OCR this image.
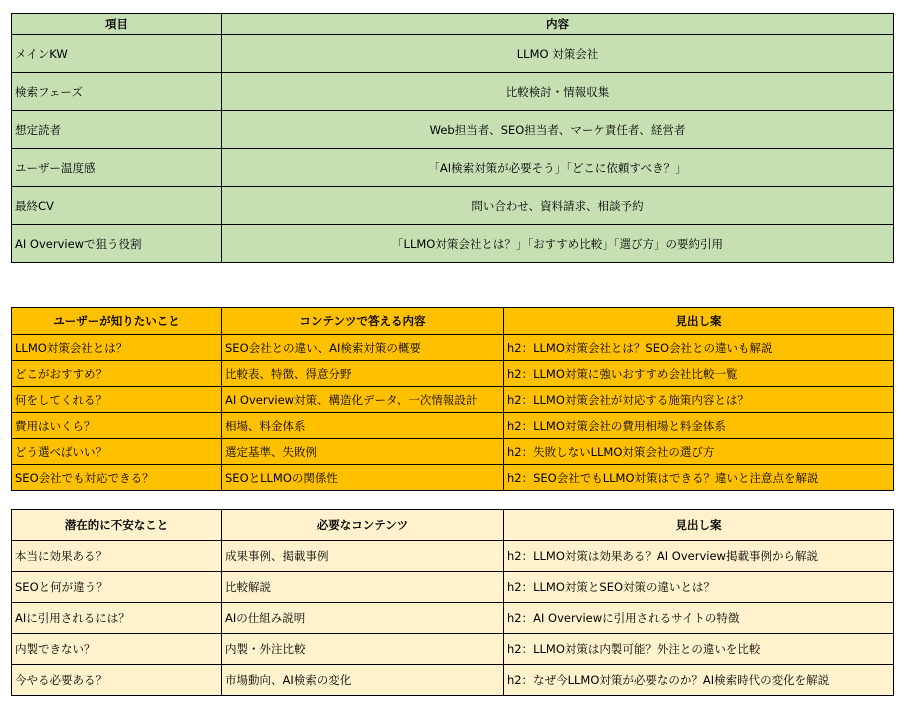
項目	内容
メインKW	LLMO 対策会社
検索フェーズ	比較検討・情報収集
想定読者	Web担当者、SEO担当者、マーケ責任者、経営者
ユーザー温度感	「AI検索対策が必要そう」「どこに依頼すべき？」
最終CV	問い合わせ、資料請求、相談予約
AI Overviewで狙う役割	「LLMO対策会社とは？」「おすすめ比較」「選び方」の要約引用
ユーザーが知りたいこと	コンテンツで答える内容	見出し案
LLMO対策会社とは？	SEO会社との違い、AI検索対策の概要	h2：LLMO対策会社とは？SEO会社との違いも解説
どこがおすすめ？	比較表、特徴、得意分野	h2：LLMO対策に強いおすすめ会社比較一覧
何をしてくれる？	AI Overview対策、構造化データ、一次情報設計	h2：LLMO対策会社が対応する施策内容とは？
費用はいくら？	相場、料金体系	h2：LLMO対策会社の費用相場と料金体系
どう選べばいい？	選定基準、失敗例	h2：失敗しないLLMO対策会社の選び方
SEO会社でも対応できる？	SEOとLLMOの関係性	h2：SEO会社でもLLMO対策はできる？違いと注意点を解説
潜在的に不安なこと	必要なコンテンツ	見出し案
本当に効果ある？	成果事例、掲載事例	h2：LLMO対策は効果ある？AI Overview掲載事例から解説
SEOと何が違う？	比較解説	h2：LLMO対策とSEO対策の違いとは？
AIに引用されるには？	AIの仕組み説明	h2：AI Overviewに引用されるサイトの特徴
内製できない？	内製・外注比較	h2：LLMO対策は内製可能？外注との違いを比較
今やる必要ある？	市場動向、AI検索の変化	h2：なぜ今LLMO対策が必要なのか？AI検索時代の変化を解説
